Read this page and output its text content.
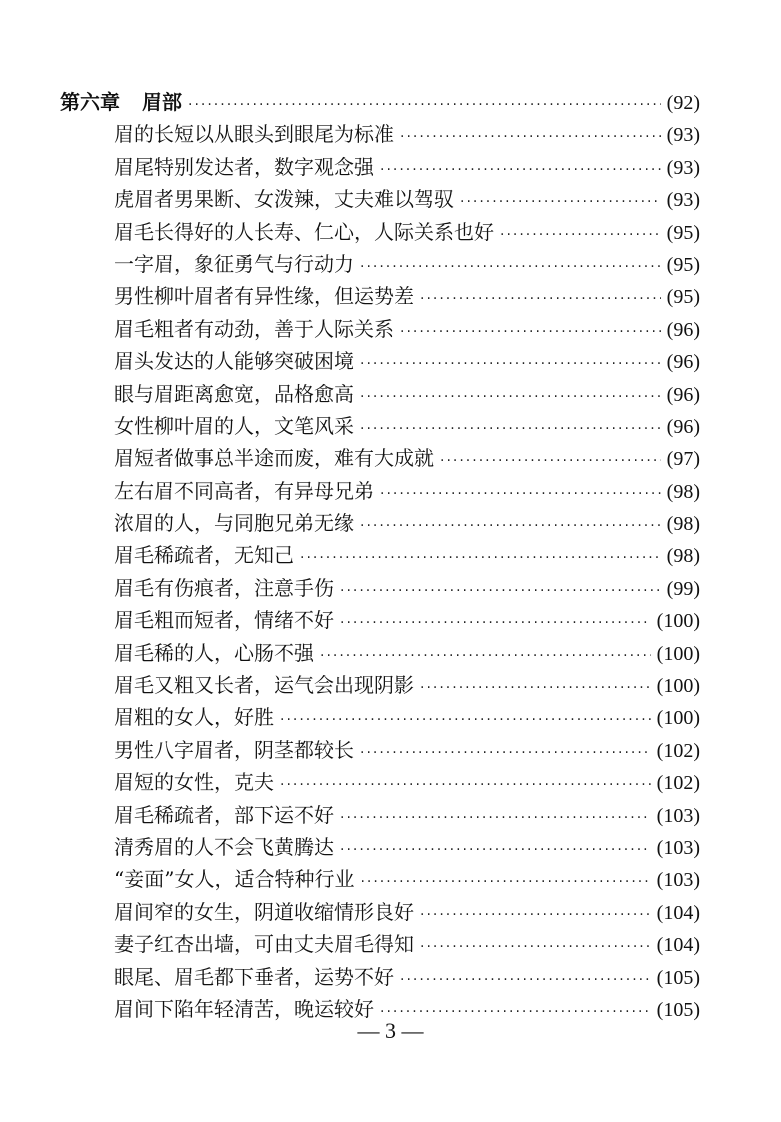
第六章 眉部 ·····	(92)
眉的长短以从眼头到眼尾为标准 ·····	(93)
眉尾特别发达者，数字观念强 ·····	(93)
虎眉者男果断、女泼辣，丈夫难以驾驭 ·····	(93)
眉毛长得好的人长寿、仁心，人际关系也好 ·····	(95)
一字眉，象征勇气与行动力 ·····	(95)
男性柳叶眉者有异性缘，但运势差 ·····	(95)
眉毛粗者有动劲，善于人际关系 ·····	(96)
眉头发达的人能够突破困境 ·····	(96)
眼与眉距离愈宽，品格愈高 ·····	(96)
女性柳叶眉的人，文笔风采 ·····	(96)
眉短者做事总半途而废，难有大成就 ·····	(97)
左右眉不同高者，有异母兄弟 ·····	(98)
浓眉的人，与同胞兄弟无缘 ·····	(98)
眉毛稀疏者，无知己 ·····	(98)
眉毛有伤痕者，注意手伤 ·····	(99)
眉毛粗而短者，情绪不好 ·····	(100)
眉毛稀的人，心肠不强 ·····	(100)
眉毛又粗又长者，运气会出现阴影 ·····	(100)
眉粗的女人，好胜 ·····	(100)
男性八字眉者，阴茎都较长 ·····	(102)
眉短的女性，克夫 ·····	(102)
眉毛稀疏者，部下运不好 ·····	(103)
清秀眉的人不会飞黄腾达 ·····	(103)
“妾面”女人，适合特种行业 ·····	(103)
眉间窄的女生，阴道收缩情形良好 ·····	(104)
妻子红杏出墙，可由丈夫眉毛得知 ·····	(104)
眼尾、眉毛都下垂者，运势不好 ·····	(105)
眉间下陷年轻清苦，晚运较好 ·····	(105)
— 3 —
